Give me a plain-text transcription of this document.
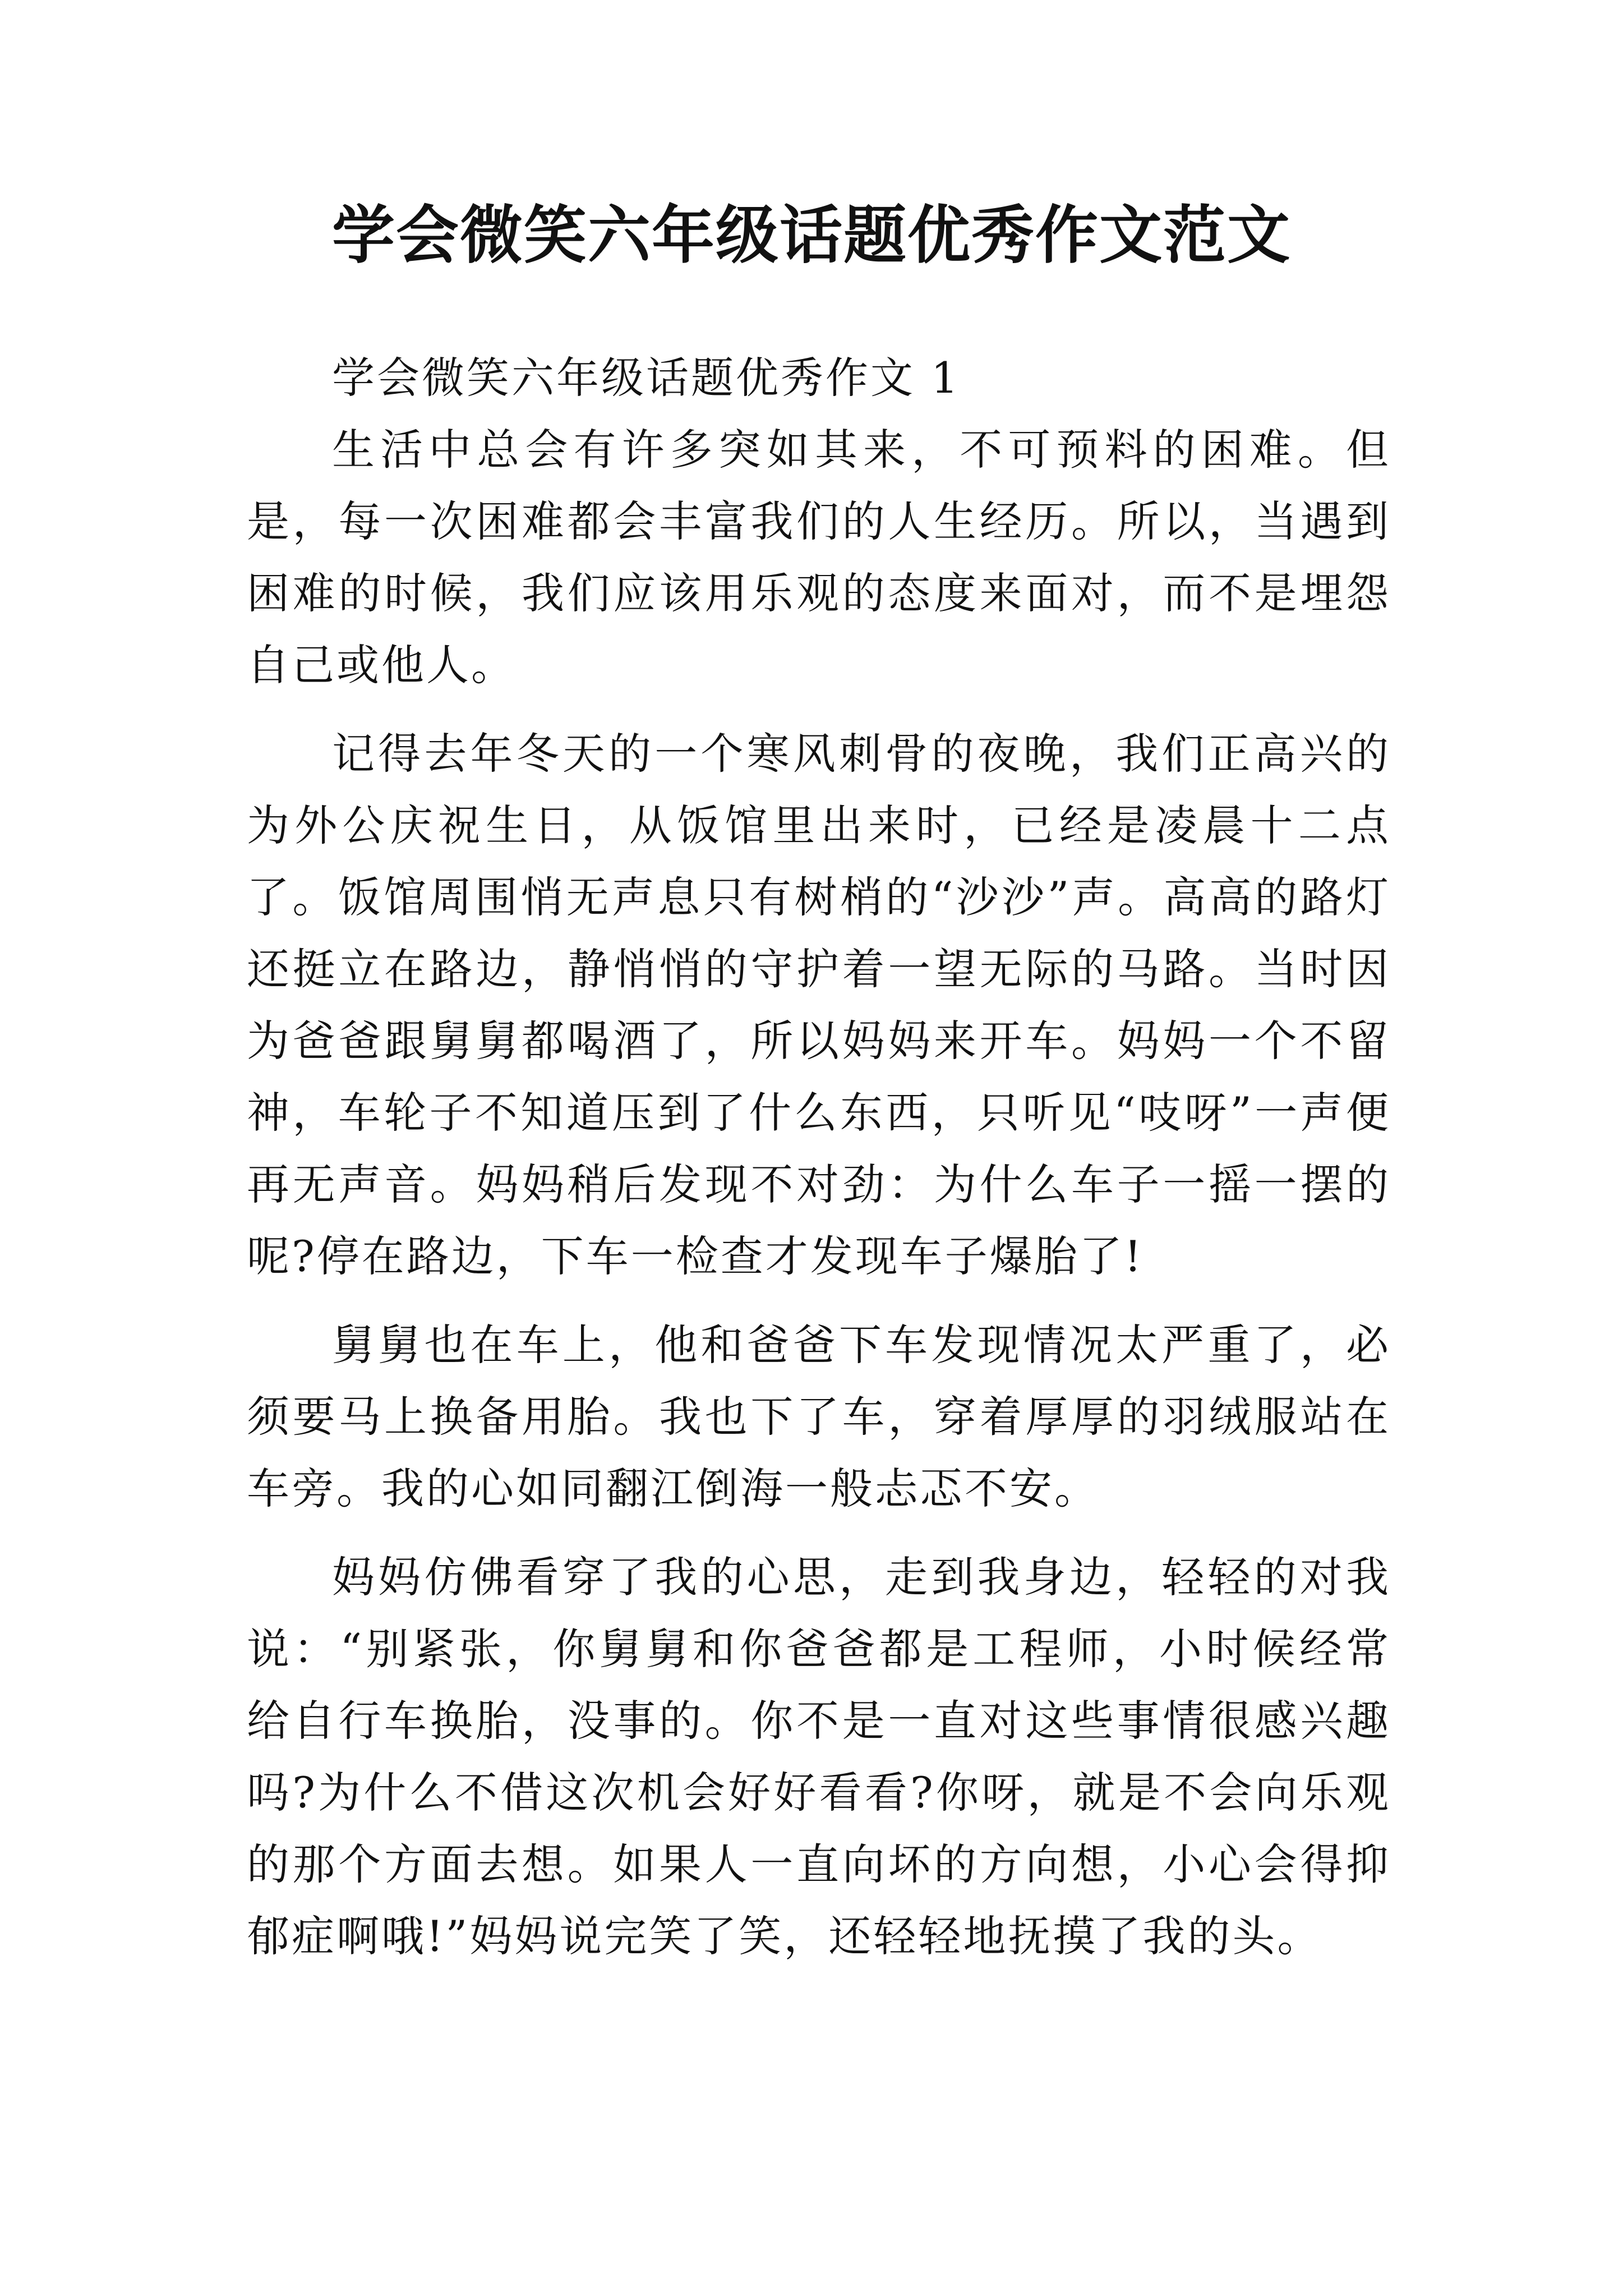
学会微笑六年级话题优秀作文范文

学会微笑六年级话题优秀作文 1

生活中总会有许多突如其来，不可预料的困难。但是，每一次困难都会丰富我们的人生经历。所以，当遇到困难的时候，我们应该用乐观的态度来面对，而不是埋怨自己或他人。

记得去年冬天的一个寒风刺骨的夜晚，我们正高兴的为外公庆祝生日，从饭馆里出来时，已经是凌晨十二点了。饭馆周围悄无声息只有树梢的“沙沙”声。高高的路灯还挺立在路边，静悄悄的守护着一望无际的马路。当时因为爸爸跟舅舅都喝酒了，所以妈妈来开车。妈妈一个不留神，车轮子不知道压到了什么东西，只听见“吱呀”一声便再无声音。妈妈稍后发现不对劲：为什么车子一摇一摆的呢?停在路边，下车一检查才发现车子爆胎了!

舅舅也在车上，他和爸爸下车发现情况太严重了，必须要马上换备用胎。我也下了车，穿着厚厚的羽绒服站在车旁。我的心如同翻江倒海一般忐忑不安。

妈妈仿佛看穿了我的心思，走到我身边，轻轻的对我说：“别紧张，你舅舅和你爸爸都是工程师，小时候经常给自行车换胎，没事的。你不是一直对这些事情很感兴趣吗?为什么不借这次机会好好看看?你呀，就是不会向乐观的那个方面去想。如果人一直向坏的方向想，小心会得抑郁症啊哦!”妈妈说完笑了笑，还轻轻地抚摸了我的头。
